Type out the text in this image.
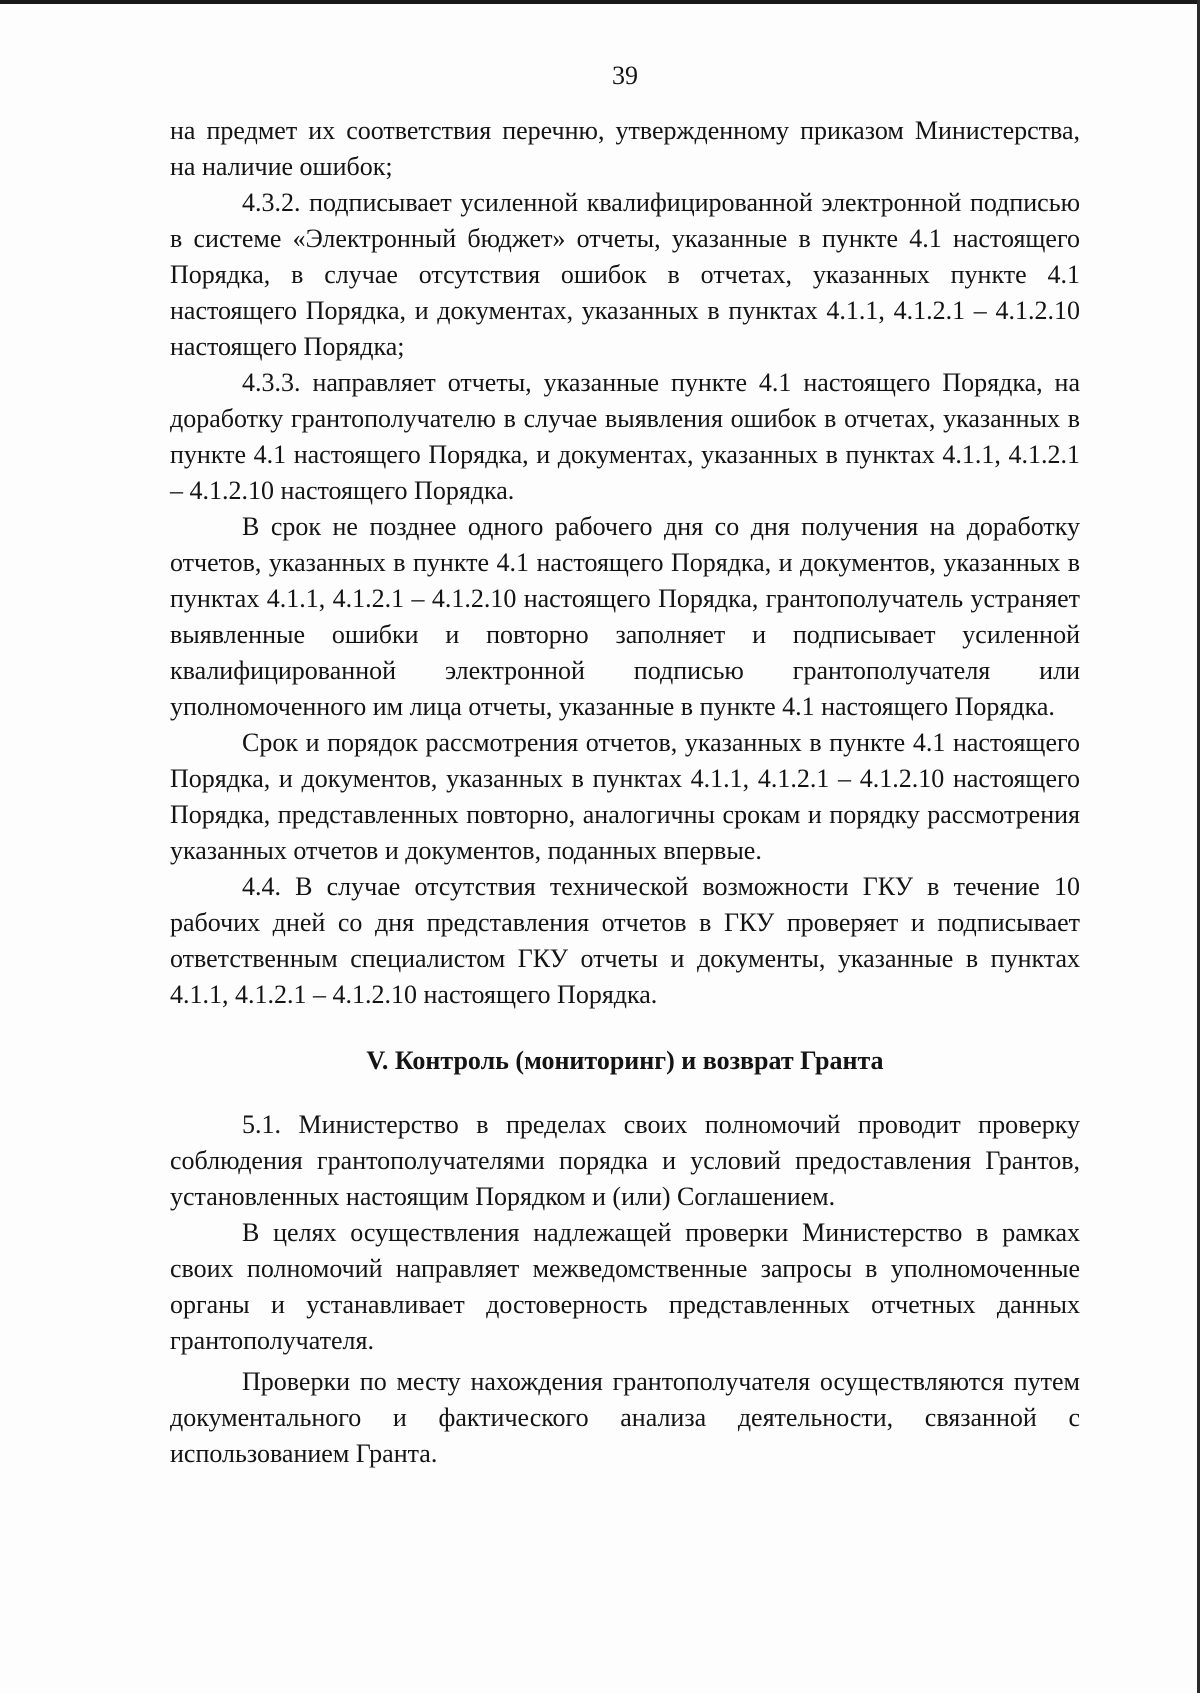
39

на предмет их соответствия перечню, утвержденному приказом Министерства, на наличие ошибок;

4.3.2. подписывает усиленной квалифицированной электронной подписью в системе «Электронный бюджет» отчеты, указанные в пункте 4.1 настоящего Порядка, в случае отсутствия ошибок в отчетах, указанных пункте 4.1 настоящего Порядка, и документах, указанных в пунктах 4.1.1, 4.1.2.1 – 4.1.2.10 настоящего Порядка;

4.3.3. направляет отчеты, указанные пункте 4.1 настоящего Порядка, на доработку грантополучателю в случае выявления ошибок в отчетах, указанных в пункте 4.1 настоящего Порядка, и документах, указанных в пунктах 4.1.1, 4.1.2.1 – 4.1.2.10 настоящего Порядка.

В срок не позднее одного рабочего дня со дня получения на доработку отчетов, указанных в пункте 4.1 настоящего Порядка, и документов, указанных в пунктах 4.1.1, 4.1.2.1 – 4.1.2.10 настоящего Порядка, грантополучатель устраняет выявленные ошибки и повторно заполняет и подписывает усиленной квалифицированной электронной подписью грантополучателя или уполномоченного им лица отчеты, указанные в пункте 4.1 настоящего Порядка.

Срок и порядок рассмотрения отчетов, указанных в пункте 4.1 настоящего Порядка, и документов, указанных в пунктах 4.1.1, 4.1.2.1 – 4.1.2.10 настоящего Порядка, представленных повторно, аналогичны срокам и порядку рассмотрения указанных отчетов и документов, поданных впервые.

4.4. В случае отсутствия технической возможности ГКУ в течение 10 рабочих дней со дня представления отчетов в ГКУ проверяет и подписывает ответственным специалистом ГКУ отчеты и документы, указанные в пунктах 4.1.1, 4.1.2.1 – 4.1.2.10 настоящего Порядка.

V. Контроль (мониторинг) и возврат Гранта

5.1. Министерство в пределах своих полномочий проводит проверку соблюдения грантополучателями порядка и условий предоставления Грантов, установленных настоящим Порядком и (или) Соглашением.

В целях осуществления надлежащей проверки Министерство в рамках своих полномочий направляет межведомственные запросы в уполномоченные органы и устанавливает достоверность представленных отчетных данных грантополучателя.

Проверки по месту нахождения грантополучателя осуществляются путем документального и фактического анализа деятельности, связанной с использованием Гранта.
